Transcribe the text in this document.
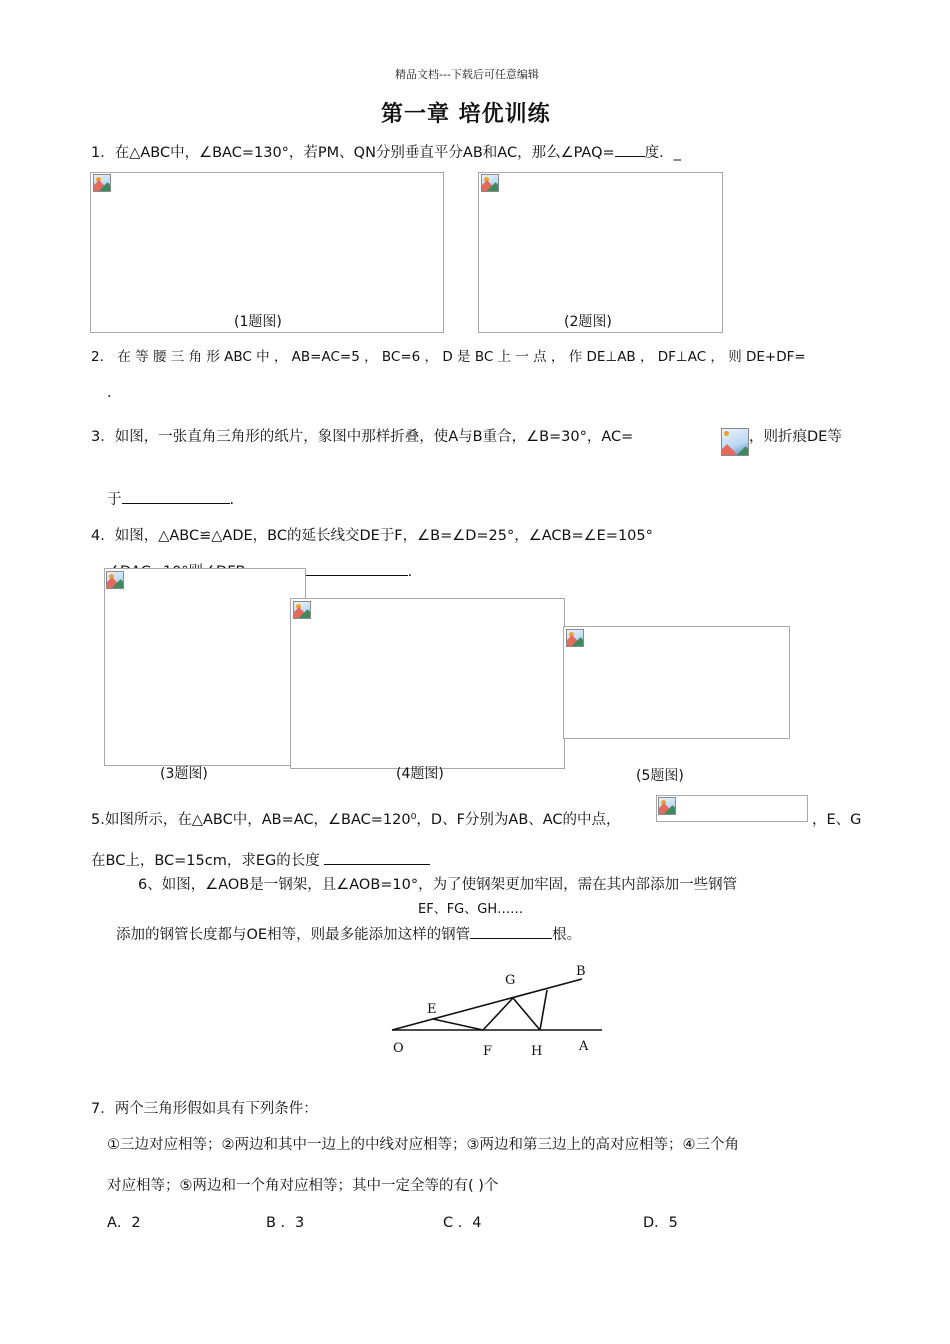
精品文档---下载后可任意编辑
第一章 培优训练
1．在△ABC中，∠BAC=130°，若PM、QN分别垂直平分AB和AC，那么∠PAQ= 度．_
(1题图)	(2题图)
2． 在 等 腰 三 角 形 ABC 中 ， AB=AC=5 ， BC=6 ， D 是 BC 上 一 点 ， 作 DE⊥AB ， DF⊥AC ， 则 DE+DF=
.
3．如图，一张直角三角形的纸片，象图中那样折叠，使A与B重合，∠B=30°，AC=	，则折痕DE等
于	.
4．如图，△ABC≌△ADE，BC的延长线交DE于F，∠B=∠D=25°，∠ACB=∠E=105°
.
(3题图)	(4题图)	(5题图)
5.如图所示，在△ABC中，AB=AC，∠BAC=120⁰，D、F分别为AB、AC的中点，	，E、G
在BC上，BC=15cm，求EG的长度
6、如图，∠AOB是一钢架，且∠AOB=10°，为了使钢架更加牢固，需在其内部添加一些钢管
EF、FG、GH……
添加的钢管长度都与OE相等，则最多能添加这样的钢管	根。
E
G
B
O	F	H	A
7．两个三角形假如具有下列条件：
①三边对应相等；②两边和其中一边上的中线对应相等；③两边和第三边上的高对应相等；④三个角
对应相等；⑤两边和一个角对应相等；其中一定全等的有( )个
A．2	B ．3	C ．4	D．5
